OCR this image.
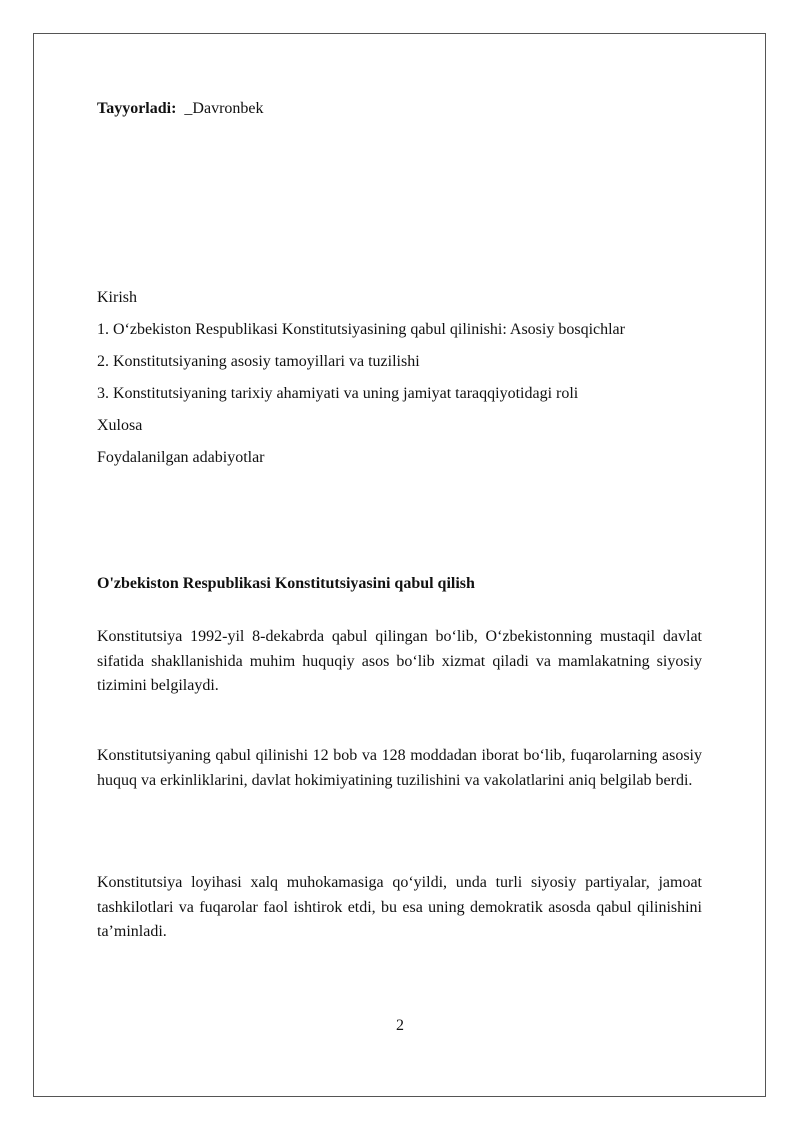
Tayyorladi:_ Davronbek
Kirish
1. O‘zbekiston Respublikasi Konstitutsiyasining qabul qilinishi: Asosiy bosqichlar
2. Konstitutsiyaning asosiy tamoyillari va tuzilishi
3. Konstitutsiyaning tarixiy ahamiyati va uning jamiyat taraqqiyotidagi roli
Xulosa
Foydalanilgan adabiyotlar
O'zbekiston Respublikasi Konstitutsiyasini qabul qilish
Konstitutsiya 1992-yil 8-dekabrda qabul qilingan bo‘lib, O‘zbekistonning mustaqil davlat sifatida shakllanishida muhim huquqiy asos bo‘lib xizmat qiladi va mamlakatning siyosiy tizimini belgilaydi.
Konstitutsiyaning qabul qilinishi 12 bob va 128 moddadan iborat bo‘lib, fuqarolarning asosiy huquq va erkinliklarini, davlat hokimiyatining tuzilishini va vakolatlarini aniq belgilab berdi.
Konstitutsiya loyihasi xalq muhokamasiga qo‘yildi, unda turli siyosiy partiyalar, jamoat tashkilotlari va fuqarolar faol ishtirok etdi, bu esa uning demokratik asosda qabul qilinishini ta’minladi.
2
